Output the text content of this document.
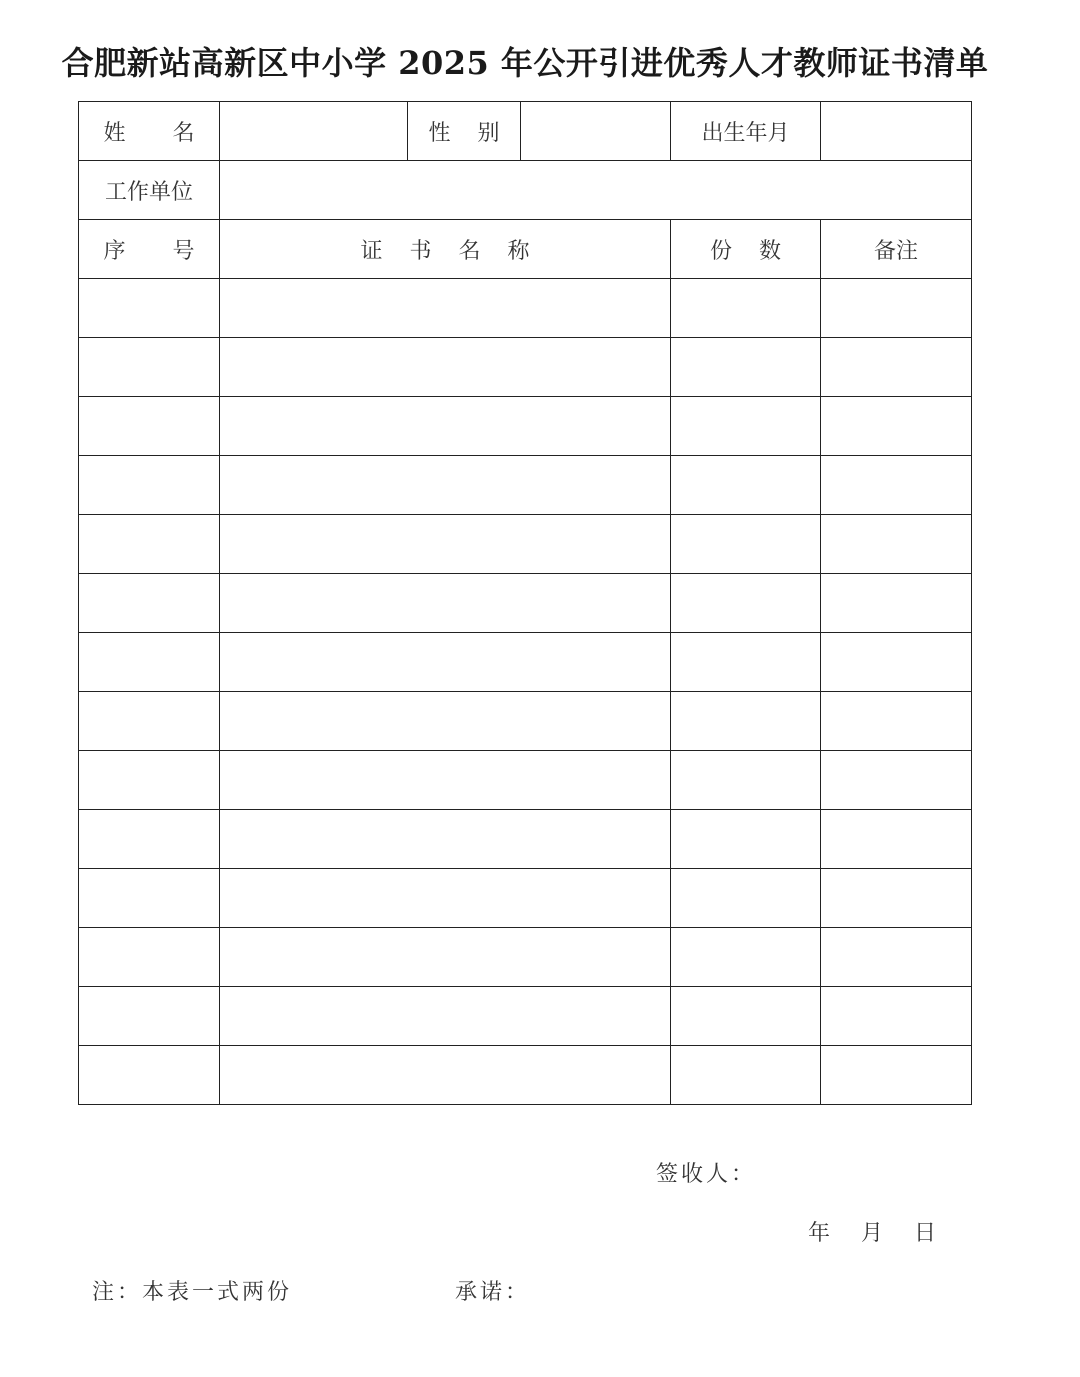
合肥新站高新区中小学 2025 年公开引进优秀人才教师证书清单
姓 名		性 别		出生年月	
工作单位					
序 号	证 书 名 称			份 数	备注

签收人：
年 月 日
注：本表一式两份	承诺：
